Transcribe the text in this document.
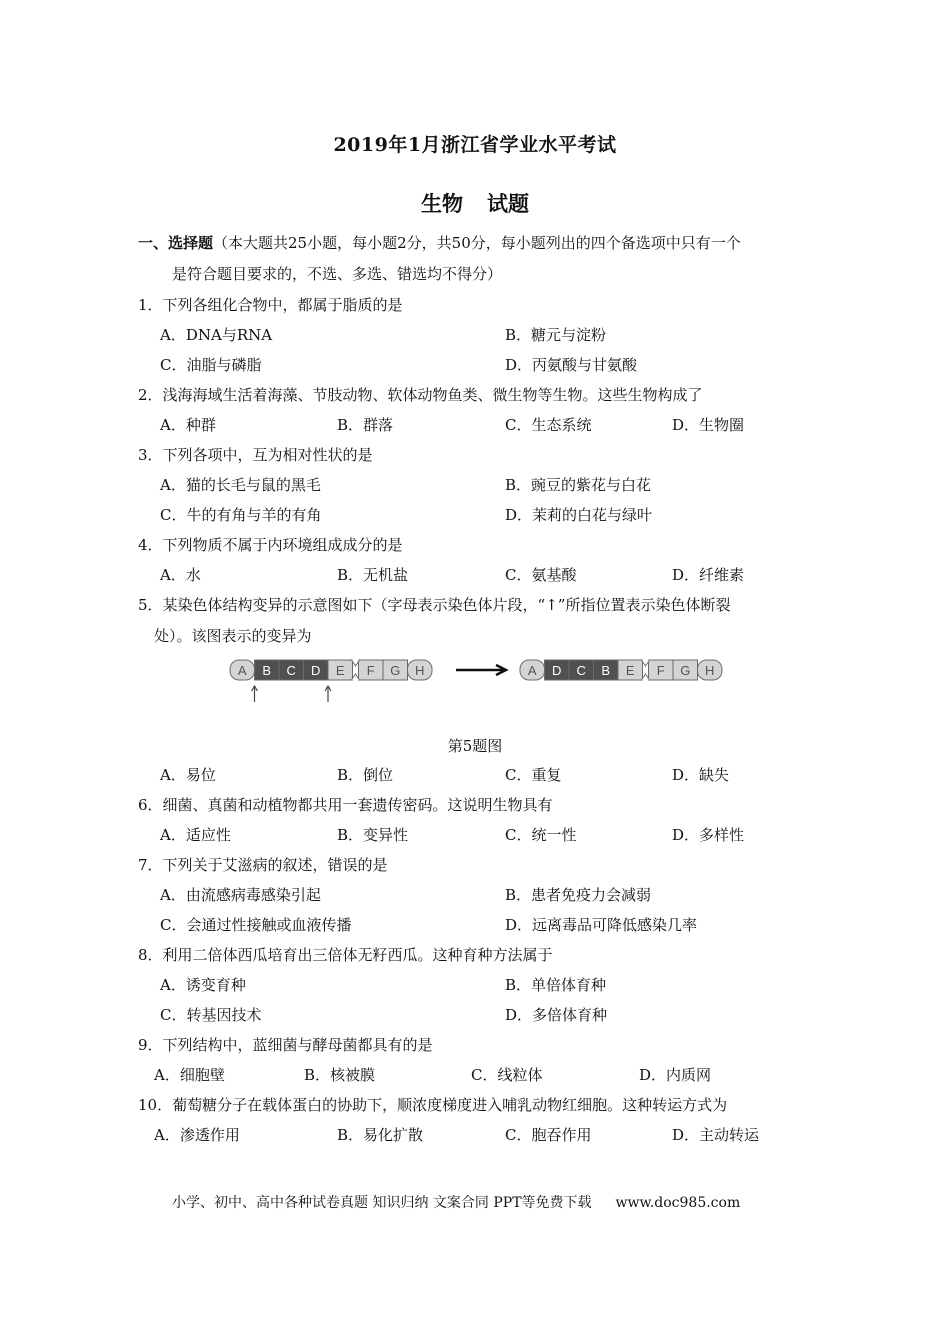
2019年1月浙江省学业水平考试
生物 试题
一、选择题（本大题共25小题，每小题2分，共50分，每小题列出的四个备选项中只有一个
是符合题目要求的，不选、多选、错选均不得分）
1．下列各组化合物中，都属于脂质的是
A．DNA与RNA	B．糖元与淀粉
C．油脂与磷脂	D．丙氨酸与甘氨酸
2．浅海海域生活着海藻、节肢动物、软体动物鱼类、微生物等生物。这些生物构成了
A．种群	B．群落	C．生态系统	D．生物圈
3．下列各项中，互为相对性状的是
A．猫的长毛与鼠的黑毛	B．豌豆的紫花与白花
C．牛的有角与羊的有角	D．茉莉的白花与绿叶
4．下列物质不属于内环境组成成分的是
A．水	B．无机盐	C．氨基酸	D．纤维素
5．某染色体结构变异的示意图如下（字母表示染色体片段，“↑”所指位置表示染色体断裂
处）。该图表示的变异为
A B C D E F G H	A D C B E F G H
第5题图
A．易位	B．倒位	C．重复	D．缺失
6．细菌、真菌和动植物都共用一套遗传密码。这说明生物具有
A．适应性	B．变异性	C．统一性	D．多样性
7．下列关于艾滋病的叙述，错误的是
A．由流感病毒感染引起	B．患者免疫力会减弱
C．会通过性接触或血液传播	D．远离毒品可降低感染几率
8．利用二倍体西瓜培育出三倍体无籽西瓜。这种育种方法属于
A．诱变育种	B．单倍体育种
C．转基因技术	D．多倍体育种
9．下列结构中，蓝细菌与酵母菌都具有的是
A．细胞壁	B．核被膜	C．线粒体	D．内质网
10．葡萄糖分子在载体蛋白的协助下，顺浓度梯度进入哺乳动物红细胞。这种转运方式为
A．渗透作用	B．易化扩散	C．胞吞作用	D．主动转运
小学、初中、高中各种试卷真题 知识归纳 文案合同 PPT等免费下载 www.doc985.com
